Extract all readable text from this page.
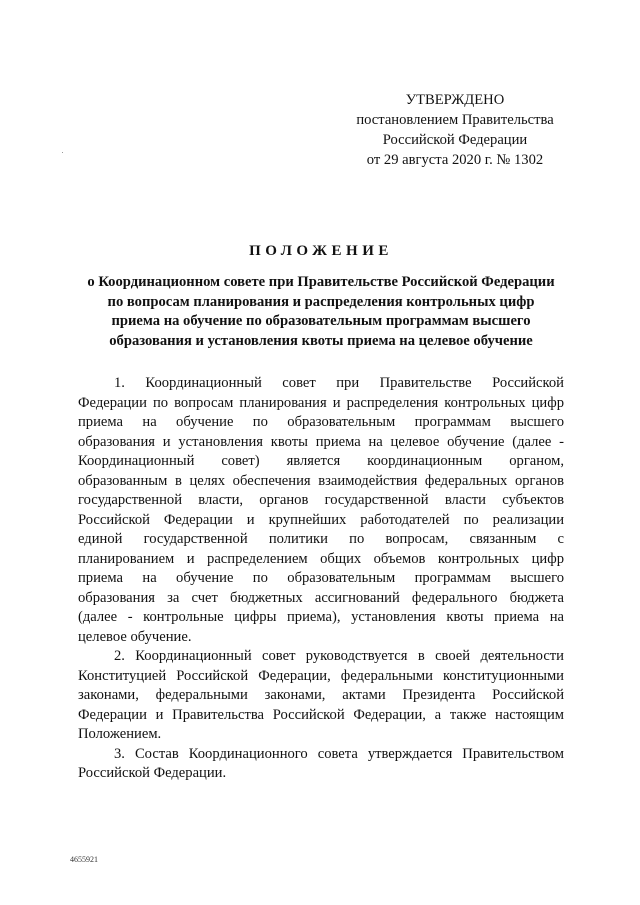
УТВЕРЖДЕНО
постановлением Правительства
Российской Федерации
от 29 августа 2020 г. № 1302
ПОЛОЖЕНИЕ
о Координационном совете при Правительстве Российской Федерации
по вопросам планирования и распределения контрольных цифр
приема на обучение по образовательным программам высшего
образования и установления квоты приема на целевое обучение
1. Координационный совет при Правительстве Российской
Федерации по вопросам планирования и распределения контрольных цифр
приема на обучение по образовательным программам высшего
образования и установления квоты приема на целевое обучение (далее -
Координационный совет) является координационным органом,
образованным в целях обеспечения взаимодействия федеральных органов
государственной власти, органов государственной власти субъектов
Российской Федерации и крупнейших работодателей по реализации
единой государственной политики по вопросам, связанным с
планированием и распределением общих объемов контрольных цифр
приема на обучение по образовательным программам высшего
образования за счет бюджетных ассигнований федерального бюджета
(далее - контрольные цифры приема), установления квоты приема на
целевое обучение.
2. Координационный совет руководствуется в своей деятельности
Конституцией Российской Федерации, федеральными конституционными
законами, федеральными законами, актами Президента Российской
Федерации и Правительства Российской Федерации, а также настоящим
Положением.
3. Состав Координационного совета утверждается Правительством
Российской Федерации.
4655921
